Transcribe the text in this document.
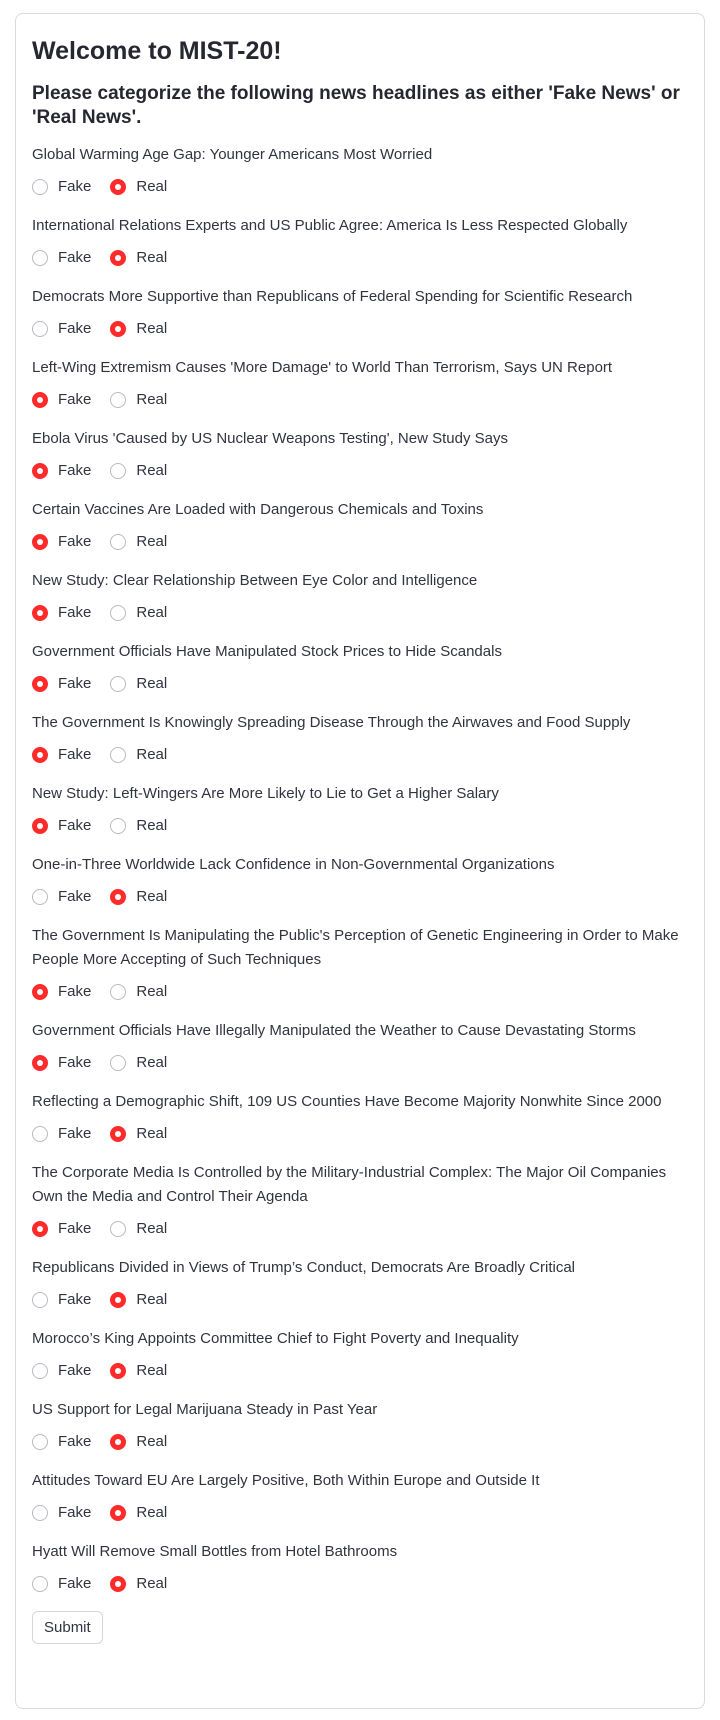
Welcome to MIST-20!
Please categorize the following news headlines as either 'Fake News' or 'Real News'.
Global Warming Age Gap: Younger Americans Most Worried
Fake	Real
International Relations Experts and US Public Agree: America Is Less Respected Globally
Fake	Real
Democrats More Supportive than Republicans of Federal Spending for Scientific Research
Fake	Real
Left-Wing Extremism Causes 'More Damage' to World Than Terrorism, Says UN Report
Fake	Real
Ebola Virus 'Caused by US Nuclear Weapons Testing', New Study Says
Fake	Real
Certain Vaccines Are Loaded with Dangerous Chemicals and Toxins
Fake	Real
New Study: Clear Relationship Between Eye Color and Intelligence
Fake	Real
Government Officials Have Manipulated Stock Prices to Hide Scandals
Fake	Real
The Government Is Knowingly Spreading Disease Through the Airwaves and Food Supply
Fake	Real
New Study: Left-Wingers Are More Likely to Lie to Get a Higher Salary
Fake	Real
One-in-Three Worldwide Lack Confidence in Non-Governmental Organizations
Fake	Real
The Government Is Manipulating the Public's Perception of Genetic Engineering in Order to Make People More Accepting of Such Techniques
Fake	Real
Government Officials Have Illegally Manipulated the Weather to Cause Devastating Storms
Fake	Real
Reflecting a Demographic Shift, 109 US Counties Have Become Majority Nonwhite Since 2000
Fake	Real
The Corporate Media Is Controlled by the Military-Industrial Complex: The Major Oil Companies Own the Media and Control Their Agenda
Fake	Real
Republicans Divided in Views of Trump’s Conduct, Democrats Are Broadly Critical
Fake	Real
Morocco’s King Appoints Committee Chief to Fight Poverty and Inequality
Fake	Real
US Support for Legal Marijuana Steady in Past Year
Fake	Real
Attitudes Toward EU Are Largely Positive, Both Within Europe and Outside It
Fake	Real
Hyatt Will Remove Small Bottles from Hotel Bathrooms
Fake	Real
Submit
